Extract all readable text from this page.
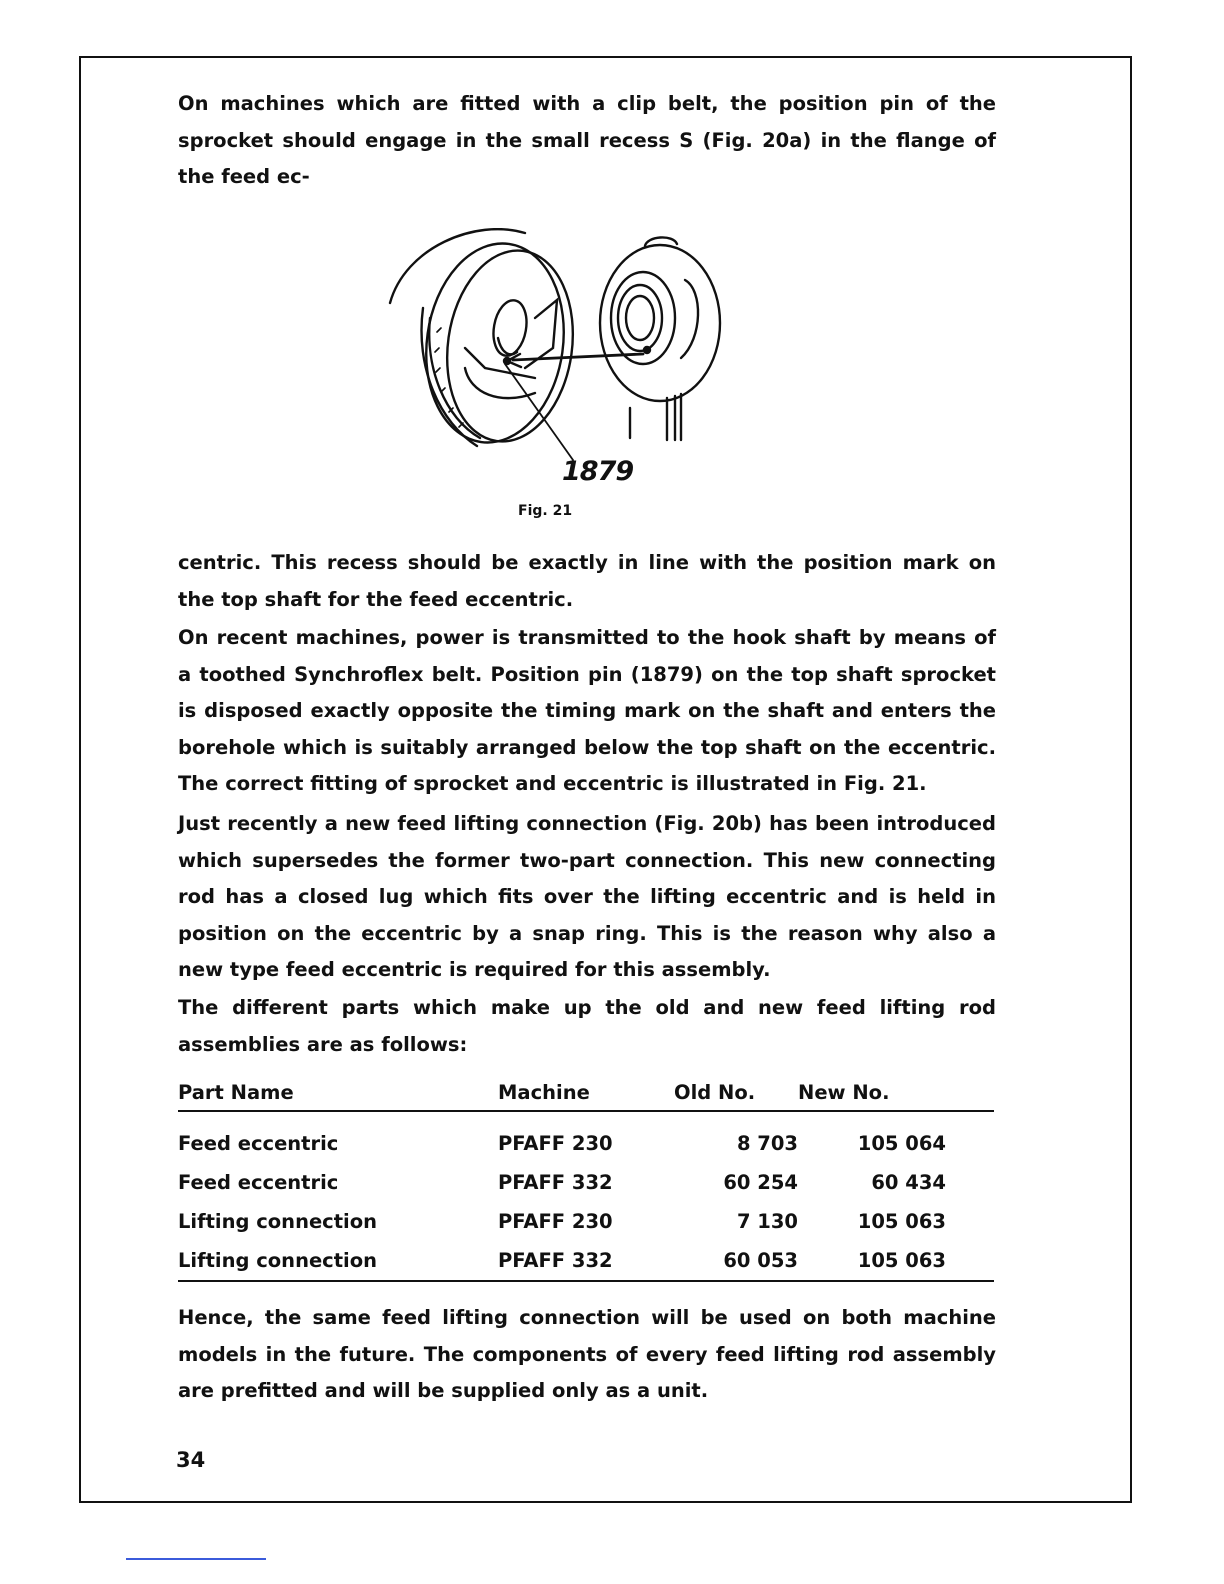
On machines which are fitted with a clip belt, the position pin of the sprocket should engage in the small recess S (Fig. 20a) in the flange of the feed ec-
1879
Fig. 21
centric. This recess should be exactly in line with the position mark on the top shaft for the feed eccentric.
On recent machines, power is transmitted to the hook shaft by means of a toothed Synchroflex belt. Position pin (1879) on the top shaft sprocket is disposed exactly opposite the timing mark on the shaft and enters the borehole which is suitably arranged below the top shaft on the eccentric. The correct fitting of sprocket and eccentric is illustrated in Fig. 21.
Just recently a new feed lifting connection (Fig. 20b) has been introduced which supersedes the former two-part connection. This new connecting rod has a closed lug which fits over the lifting eccentric and is held in position on the eccentric by a snap ring. This is the reason why also a new type feed eccentric is required for this assembly.
The different parts which make up the old and new feed lifting rod assemblies are as follows:
Part Name	Machine	Old No.	New No.
Feed eccentric	PFAFF 230	8 703	105 064
Feed eccentric	PFAFF 332	60 254	60 434
Lifting connection	PFAFF 230	7 130	105 063
Lifting connection	PFAFF 332	60 053	105 063
Hence, the same feed lifting connection will be used on both machine models in the future. The components of every feed lifting rod assembly are prefitted and will be supplied only as a unit.
34
